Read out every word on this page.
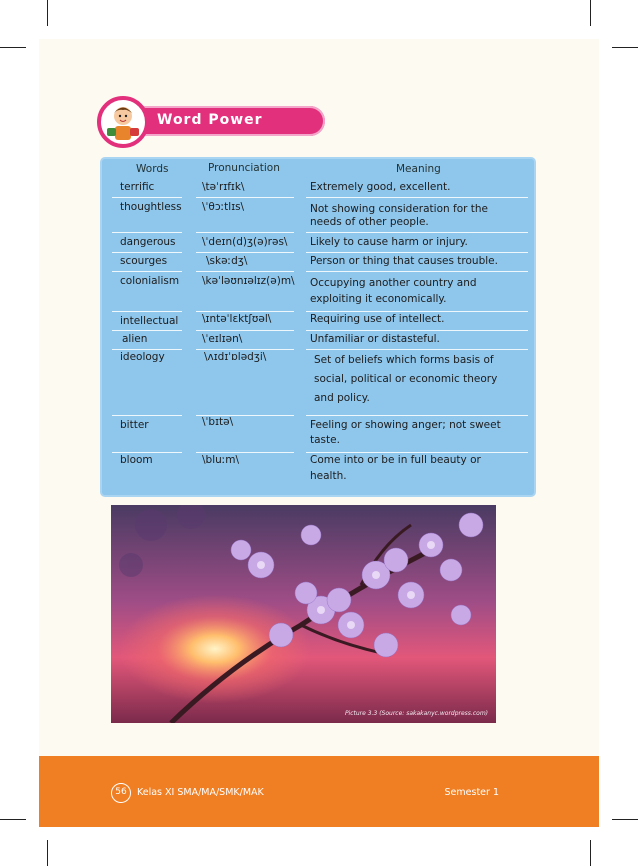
Word Power
Words	Pronunciation	Meaning
terrific	\təˈrɪfɪk\	Extremely good, excellent.
thoughtless \ˈθɔːtlɪs\	Not showing consideration for the
needs of other people.
dangerous	\ˈdeɪn(d)ʒ(ə)rəs\ Likely to cause harm or injury.
scourges	\skəːdʒ\	Person or thing that causes trouble.
colonialism \kəˈləʊnɪəlɪz(ə)m\ Occupying another country and
exploiting it economically.
intellectual \ɪntəˈlɛktʃʊəl\	Requiring use of intellect.
alien	\ˈeɪlɪən\	Unfamiliar or distasteful.
ideology	\ʌɪdɪˈɒlədʒi\	Set of beliefs which forms basis of
social, political or economic theory
and policy.
bitter	\ˈbɪtə\	Feeling or showing anger; not sweet
taste.
bloom	\bluːm\	Come into or be in full beauty or
health.
Picture 3.3 (Source: sakakanyc.wordpress.com)
56	Kelas XI SMA/MA/SMK/MAK	Semester 1
